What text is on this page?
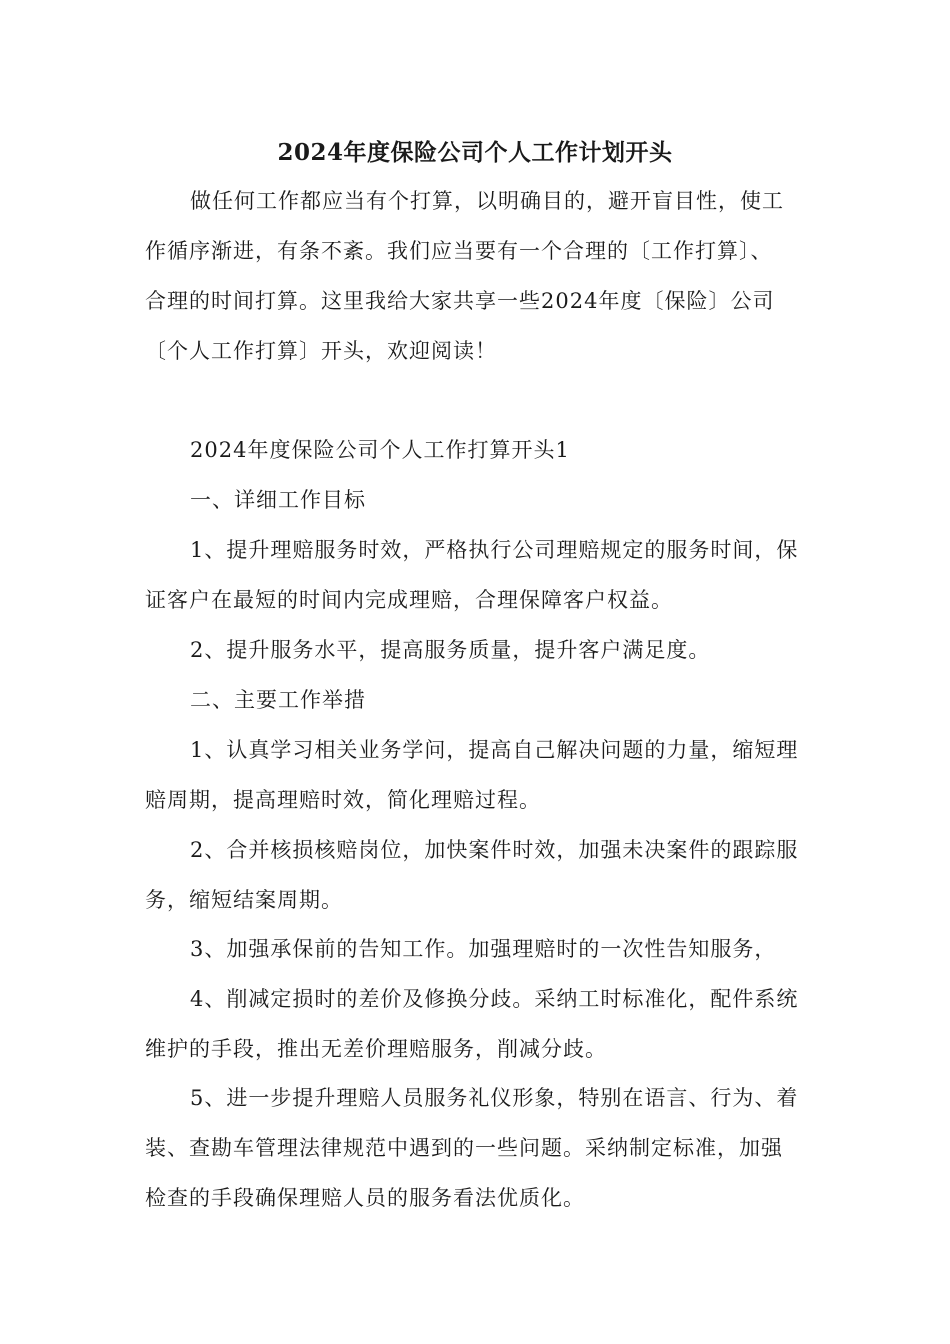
2024年度保险公司个人工作计划开头
做任何工作都应当有个打算，以明确目的，避开盲目性，使工
作循序渐进，有条不紊。我们应当要有一个合理的〔工作打算〕、
合理的时间打算。这里我给大家共享一些2024年度〔保险〕公司
〔个人工作打算〕开头，欢迎阅读！
2024年度保险公司个人工作打算开头1
一、详细工作目标
1、提升理赔服务时效，严格执行公司理赔规定的服务时间，保
证客户在最短的时间内完成理赔，合理保障客户权益。
2、提升服务水平，提高服务质量，提升客户满足度。
二、主要工作举措
1、认真学习相关业务学问，提高自己解决问题的力量，缩短理
赔周期，提高理赔时效，简化理赔过程。
2、合并核损核赔岗位，加快案件时效，加强未决案件的跟踪服
务，缩短结案周期。
3、加强承保前的告知工作。加强理赔时的一次性告知服务，
4、削减定损时的差价及修换分歧。采纳工时标准化，配件系统
维护的手段，推出无差价理赔服务，削减分歧。
5、进一步提升理赔人员服务礼仪形象，特别在语言、行为、着
装、查勘车管理法律规范中遇到的一些问题。采纳制定标准，加强
检查的手段确保理赔人员的服务看法优质化。
